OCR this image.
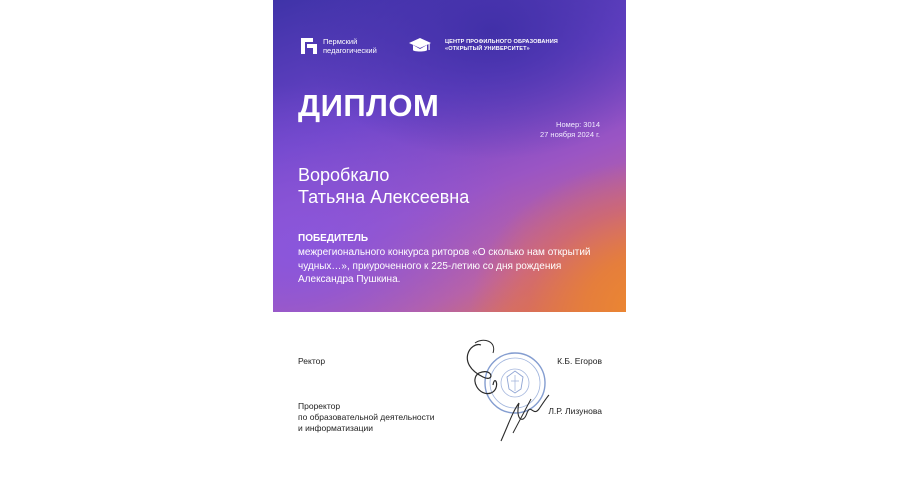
Пермский
педагогический
ЦЕНТР ПРОФИЛЬНОГО ОБРАЗОВАНИЯ
«ОТКРЫТЫЙ УНИВЕРСИТЕТ»
ДИПЛОМ
Номер: 3014
27 ноября 2024 г.
Воробкало
Татьяна Алексеевна
ПОБЕДИТЕЛЬ
межрегионального конкурса риторов «О сколько нам открытий чудных…», приуроченного к 225-летию со дня рождения Александра Пушкина.
Ректор	К.Б. Егоров
Проректор
по образовательной деятельности
и информатизации
Л.Р. Лизунова
